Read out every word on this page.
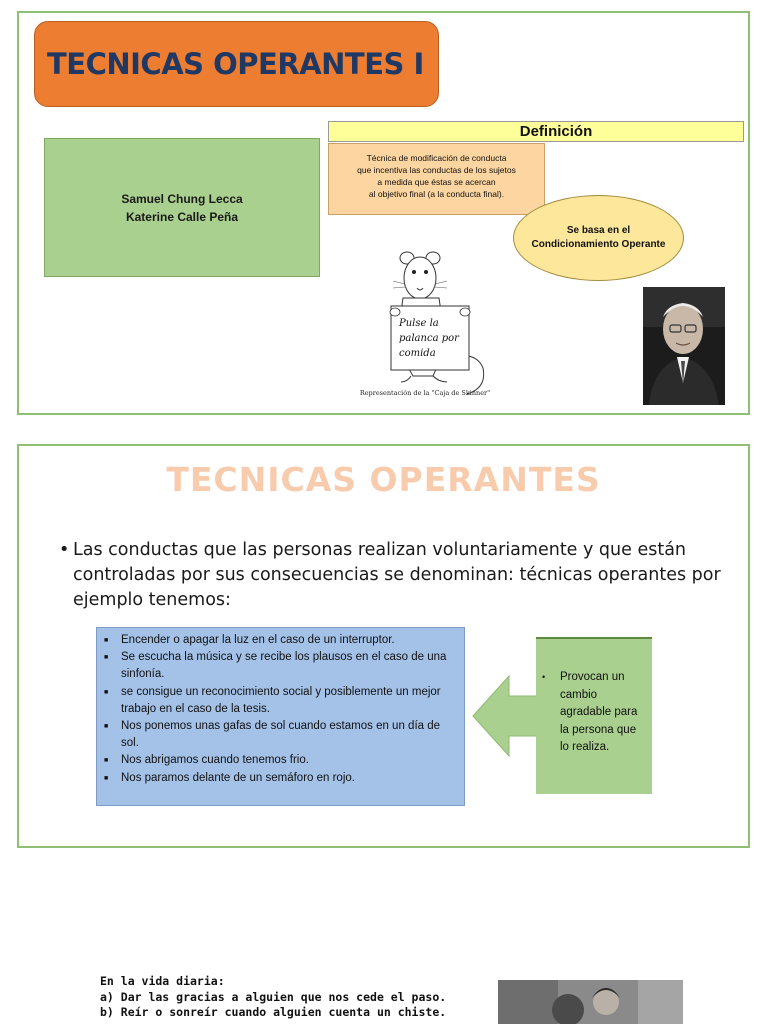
TECNICAS OPERANTES I
Samuel Chung Lecca
Katerine Calle Peña
Definición
Técnica de modificación de conducta
que incentiva las conductas de los sujetos
a medida que éstas se acercan
al objetivo final (a la conducta final).
Se basa en el
Condicionamiento Operante
Pulse la
palanca por
comida
Representación de la "Caja de Skinner"
TECNICAS OPERANTES
• Las conductas que las personas realizan voluntariamente y que están controladas por sus consecuencias se denominan: técnicas operantes por ejemplo tenemos:
■	Encender o apagar la luz en el caso de un interruptor.
■	Se escucha la música y se recibe los plausos en el caso de una sinfonía.
■	se consigue un reconocimiento social y posiblemente un mejor trabajo en el caso de la tesis.
■	Nos ponemos unas gafas de sol cuando estamos en un día de sol.
■	Nos abrigamos cuando tenemos frio.
■	Nos paramos delante de un semáforo en rojo.
•	Provocan un cambio agradable para la persona que lo realiza.
En la vida diaria:
a) Dar las gracias a alguien que nos cede el paso.
b) Reír o sonreír cuando alguien cuenta un chiste.
